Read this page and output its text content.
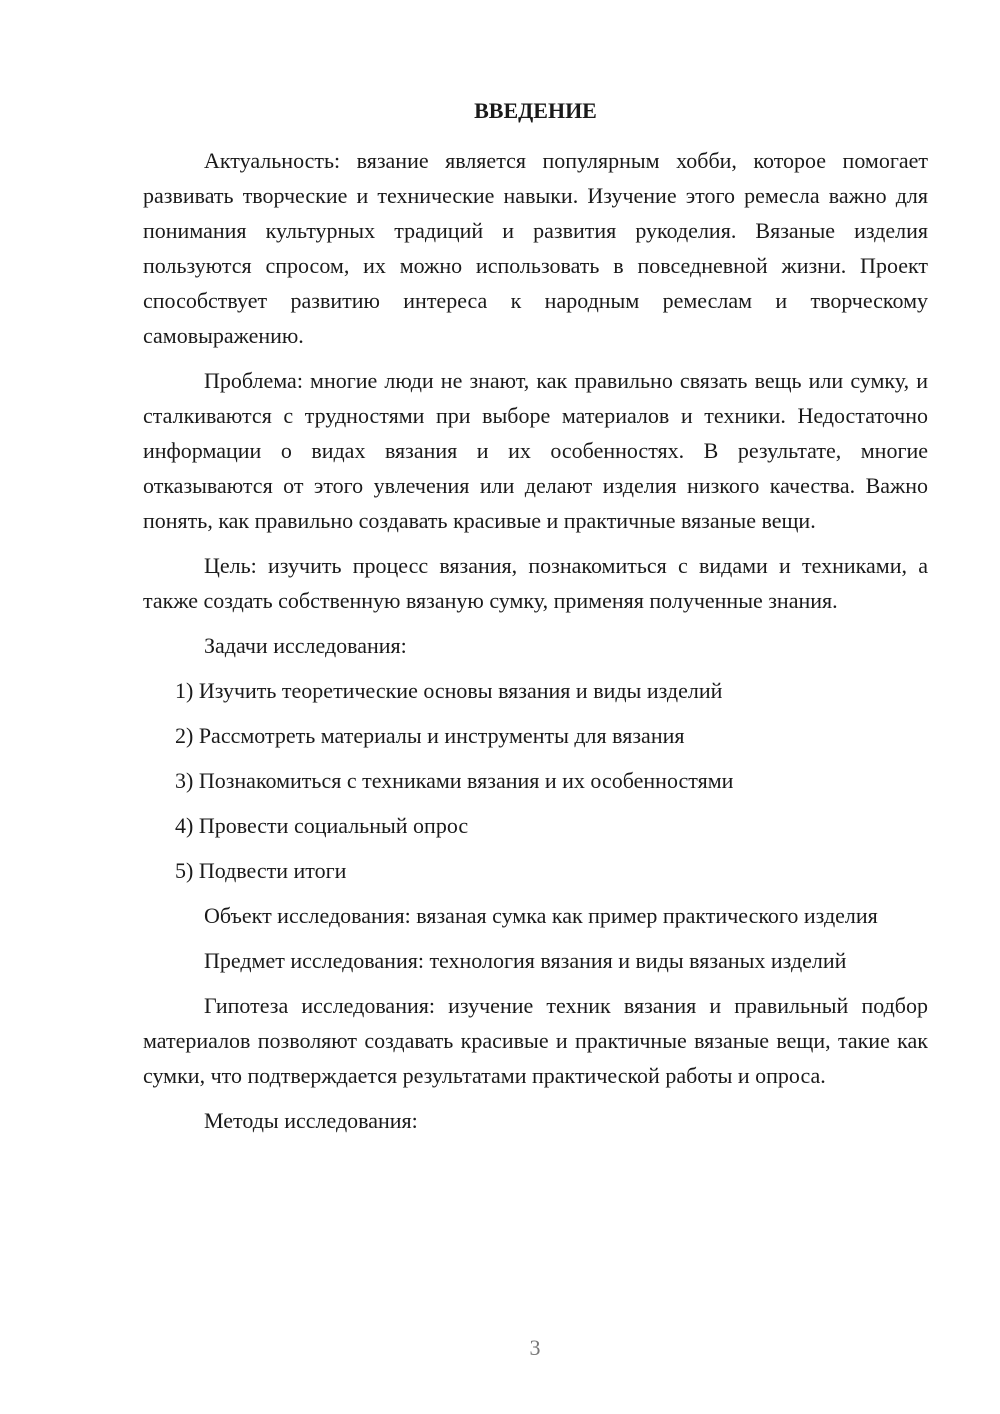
ВВЕДЕНИЕ

Актуальность: вязание является популярным хобби, которое помогает развивать творческие и технические навыки. Изучение этого ремесла важно для понимания культурных традиций и развития рукоделия. Вязаные изделия пользуются спросом, их можно использовать в повседневной жизни. Проект способствует развитию интереса к народным ремеслам и творческому самовыражению.

Проблема: многие люди не знают, как правильно связать вещь или сумку, и сталкиваются с трудностями при выборе материалов и техники. Недостаточно информации о видах вязания и их особенностях. В результате, многие отказываются от этого увлечения или делают изделия низкого качества. Важно понять, как правильно создавать красивые и практичные вязаные вещи.

Цель: изучить процесс вязания, познакомиться с видами и техниками, а также создать собственную вязаную сумку, применяя полученные знания.

Задачи исследования:

1) Изучить теоретические основы вязания и виды изделий

2) Рассмотреть материалы и инструменты для вязания

3) Познакомиться с техниками вязания и их особенностями

4) Провести социальный опрос

5) Подвести итоги

Объект исследования: вязаная сумка как пример практического изделия

Предмет исследования: технология вязания и виды вязаных изделий

Гипотеза исследования: изучение техник вязания и правильный подбор материалов позволяют создавать красивые и практичные вязаные вещи, такие как сумки, что подтверждается результатами практической работы и опроса.

Методы исследования:

3
